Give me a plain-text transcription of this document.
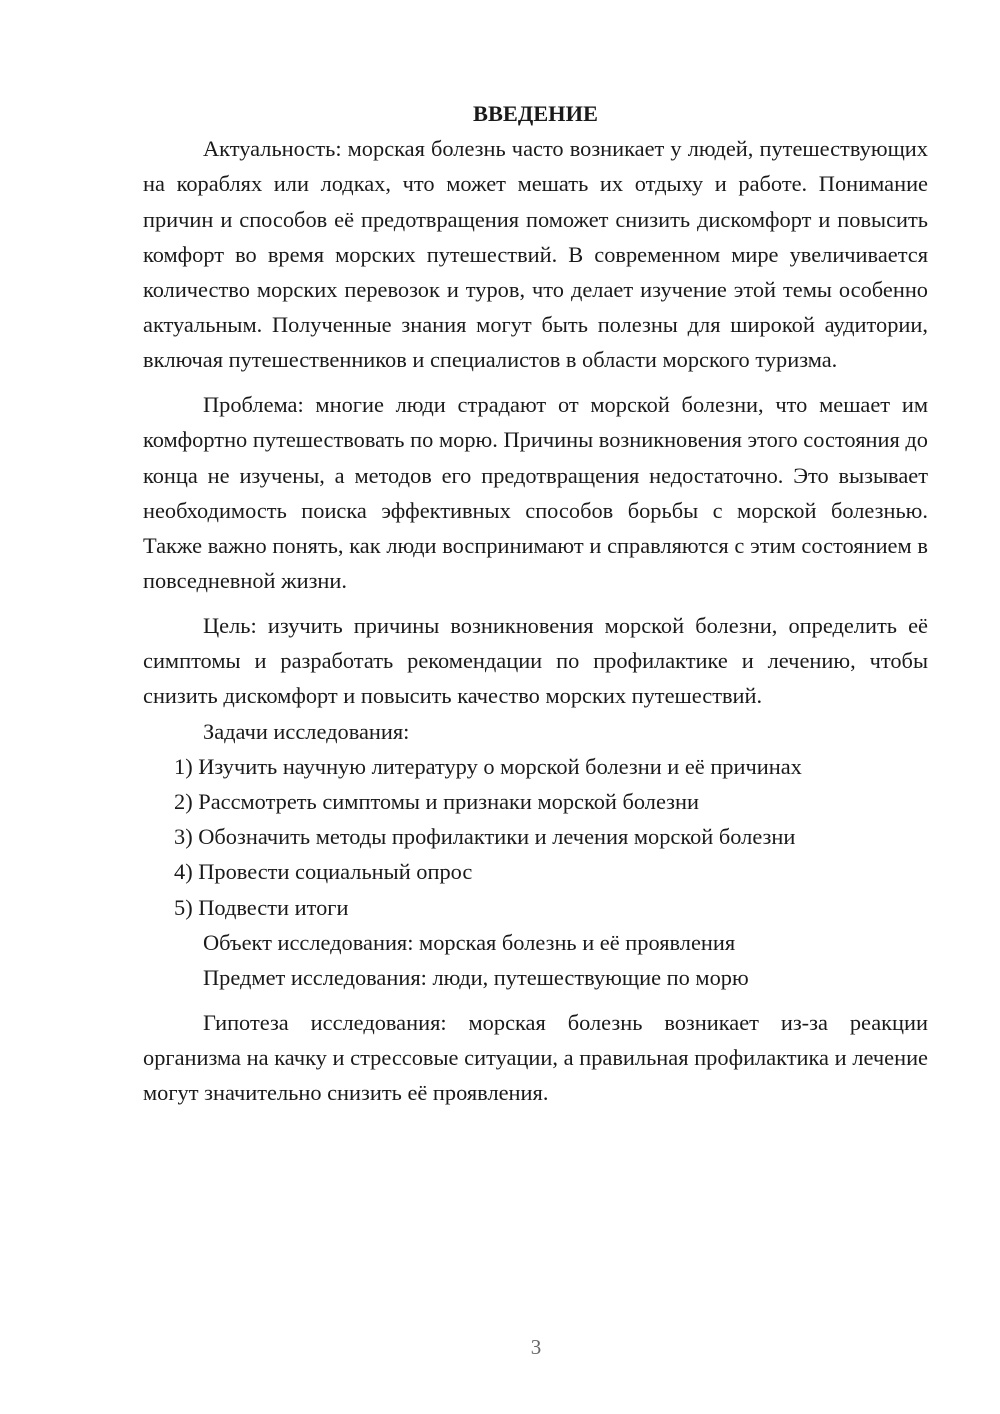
ВВЕДЕНИЕ

Актуальность: морская болезнь часто возникает у людей, путешествующих на кораблях или лодках, что может мешать их отдыху и работе. Понимание причин и способов её предотвращения поможет снизить дискомфорт и повысить комфорт во время морских путешествий. В современном мире увеличивается количество морских перевозок и туров, что делает изучение этой темы особенно актуальным. Полученные знания могут быть полезны для широкой аудитории, включая путешественников и специалистов в области морского туризма.

Проблема: многие люди страдают от морской болезни, что мешает им комфортно путешествовать по морю. Причины возникновения этого состояния до конца не изучены, а методов его предотвращения недостаточно. Это вызывает необходимость поиска эффективных способов борьбы с морской болезнью. Также важно понять, как люди воспринимают и справляются с этим состоянием в повседневной жизни.

Цель: изучить причины возникновения морской болезни, определить её симптомы и разработать рекомендации по профилактике и лечению, чтобы снизить дискомфорт и повысить качество морских путешествий.

Задачи исследования:

1) Изучить научную литературу о морской болезни и её причинах

2) Рассмотреть симптомы и признаки морской болезни

3) Обозначить методы профилактики и лечения морской болезни

4) Провести социальный опрос

5) Подвести итоги

Объект исследования: морская болезнь и её проявления

Предмет исследования: люди, путешествующие по морю

Гипотеза исследования: морская болезнь возникает из-за реакции организма на качку и стрессовые ситуации, а правильная профилактика и лечение могут значительно снизить её проявления.

3
